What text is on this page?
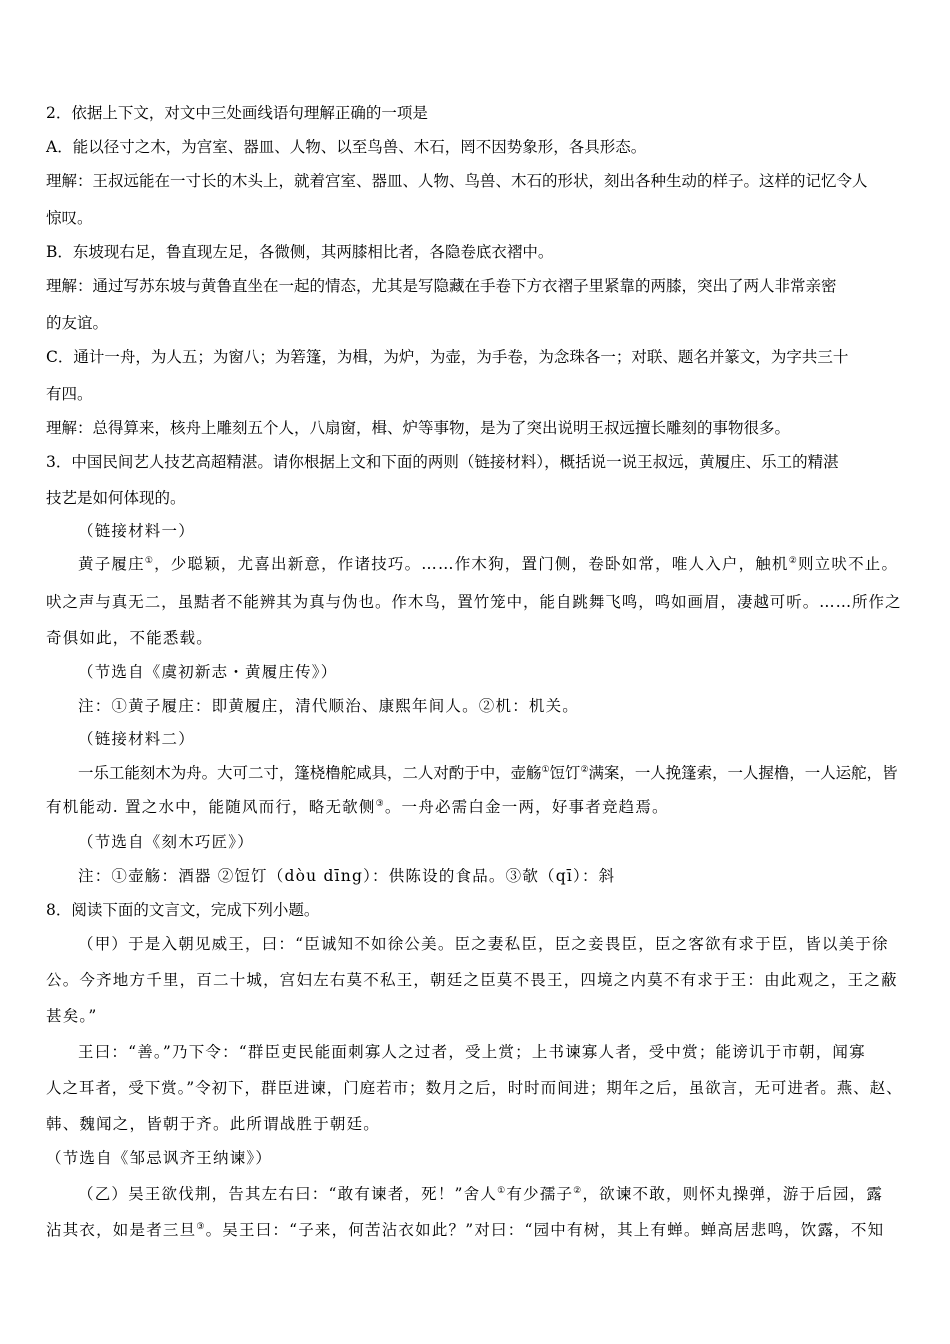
2．依据上下文，对文中三处画线语句理解正确的一项是
A．能以径寸之木，为宫室、器皿、人物、以至鸟兽、木石，罔不因势象形，各具形态。
理解：王叔远能在一寸长的木头上，就着宫室、器皿、人物、鸟兽、木石的形状，刻出各种生动的样子。这样的记忆令人
惊叹。
B．东坡现右足，鲁直现左足，各微侧，其两膝相比者，各隐卷底衣褶中。
理解：通过写苏东坡与黄鲁直坐在一起的情态，尤其是写隐藏在手卷下方衣褶子里紧靠的两膝，突出了两人非常亲密
的友谊。
C．通计一舟，为人五；为窗八；为箬篷，为楫，为炉，为壶，为手卷，为念珠各一；对联、题名并篆文，为字共三十
有四。
理解：总得算来，核舟上雕刻五个人，八扇窗，楫、炉等事物，是为了突出说明王叔远擅长雕刻的事物很多。
3．中国民间艺人技艺高超精湛。请你根据上文和下面的两则（链接材料），概括说一说王叔远，黄履庄、乐工的精湛
技艺是如何体现的。
（链接材料一）
黄子履庄①，少聪颖，尤喜出新意，作诸技巧。……作木狗，置门侧，卷卧如常，唯人入户，触机②则立吠不止。
吠之声与真无二，虽黠者不能辨其为真与伪也。作木鸟，置竹笼中，能自跳舞飞鸣，鸣如画眉，凄越可听。……所作之
奇俱如此，不能悉载。
（节选自《虞初新志・黄履庄传》）
注：①黄子履庄：即黄履庄，清代顺治、康熙年间人。②机：机关。
（链接材料二）
一乐工能刻木为舟。大可二寸，篷桡橹舵咸具，二人对酌于中，壶觞①饾饤②满案，一人挽篷索，一人握橹，一人运舵，皆
有机能动. 置之水中，能随风而行，略无欹侧③。一舟必需白金一两，好事者竞趋焉。
（节选自《刻木巧匠》）
注：①壶觞：酒器 ②饾饤（dòu dīng）：供陈设的食品。③欹（qī）：斜
8．阅读下面的文言文，完成下列小题。
（甲）于是入朝见威王，曰：“臣诚知不如徐公美。臣之妻私臣，臣之妾畏臣，臣之客欲有求于臣，皆以美于徐
公。今齐地方千里，百二十城，宫妇左右莫不私王，朝廷之臣莫不畏王，四境之内莫不有求于王：由此观之，王之蔽
甚矣。”
王曰：“善。”乃下令：“群臣吏民能面刺寡人之过者，受上赏；上书谏寡人者，受中赏；能谤讥于市朝，闻寡
人之耳者，受下赏。”令初下，群臣进谏，门庭若市；数月之后，时时而间进；期年之后，虽欲言，无可进者。燕、赵、
韩、魏闻之，皆朝于齐。此所谓战胜于朝廷。
（节选自《邹忌讽齐王纳谏》）
（乙）吴王欲伐荆，告其左右曰：“敢有谏者，死！”舍人①有少孺子②，欲谏不敢，则怀丸操弹，游于后园，露
沾其衣，如是者三旦③。吴王曰：“子来，何苦沾衣如此？”对曰：“园中有树，其上有蝉。蝉高居悲鸣，饮露，不知
